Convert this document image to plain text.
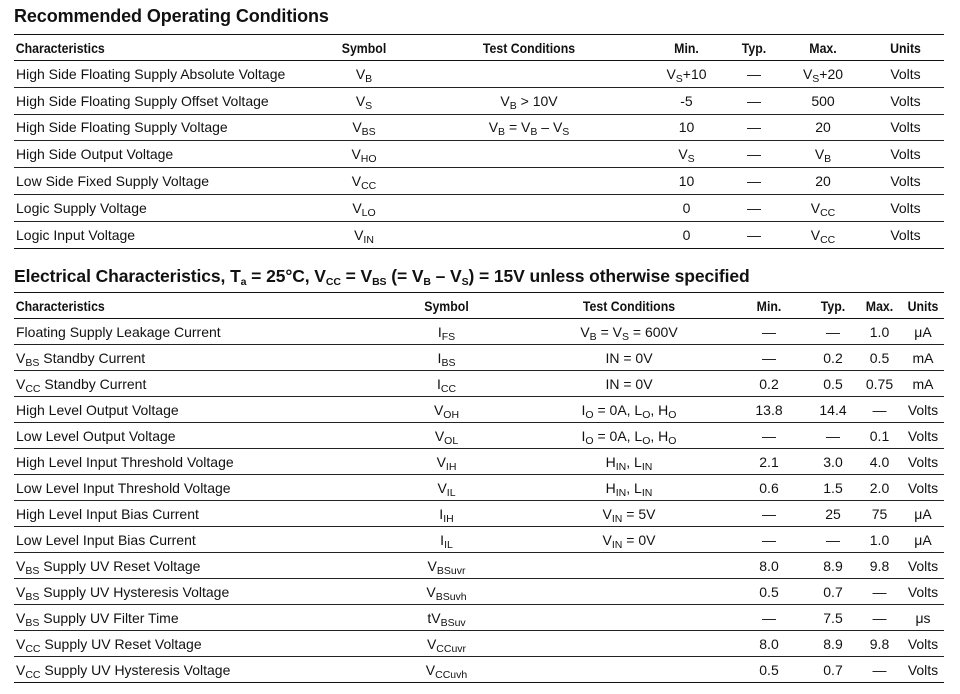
Recommended Operating Conditions
Characteristics	Symbol	Test Conditions	Min.	Typ.	Max.	Units
High Side Floating Supply Absolute Voltage	$V_B$		$V_S+10$	—	$V_S+20$	Volts
High Side Floating Supply Offset Voltage	$V_S$	$V_B > 10V$	-5	—	500	Volts
High Side Floating Supply Voltage	$V_{BS}$	$V_B = V_B - V_S$	10	—	20	Volts
High Side Output Voltage	$V_{HO}$		$V_S$	—	$V_B$	Volts
Low Side Fixed Supply Voltage	$V_{CC}$		10	—	20	Volts
Logic Supply Voltage	$V_{LO}$		0	—	$V_{CC}$	Volts
Logic Input Voltage	$V_{IN}$		0	—	$V_{CC}$	Volts
Electrical Characteristics, $T_a = 25^\circ C$, $V_{CC} = V_{BS}$ (= $V_B - V_S) = 15V$ unless otherwise specified
Characteristics	Symbol	Test Conditions	Min.	Typ.	Max.	Units
Floating Supply Leakage Current	$I_{FS}$	$V_B = V_S = 600V$	—	—	1.0	μA
$V_{BS}$ Standby Current	$I_{BS}$	IN = 0V	—	0.2	0.5	mA
$V_{CC}$ Standby Current	$I_{CC}$	IN = 0V	0.2	0.5	0.75	mA
High Level Output Voltage	$V_{OH}$	$I_O = 0A$, $L_O$, $H_O$	13.8	14.4	—	Volts
Low Level Output Voltage	$V_{OL}$	$I_O = 0A$, $L_O$, $H_O$	—	—	0.1	Volts
High Level Input Threshold Voltage	$V_{IH}$	$H_{IN}$, $L_{IN}$	2.1	3.0	4.0	Volts
Low Level Input Threshold Voltage	$V_{IL}$	$H_{IN}$, $L_{IN}$	0.6	1.5	2.0	Volts
High Level Input Bias Current	$I_{IH}$	$V_{IN} = 5V$	—	25	75	μA
Low Level Input Bias Current	$I_{IL}$	$V_{IN} = 0V$	—	—	1.0	μA
$V_{BS}$ Supply UV Reset Voltage	$V_{BSuvr}$		8.0	8.9	9.8	Volts
$V_{BS}$ Supply UV Hysteresis Voltage	$V_{BSuvh}$		0.5	0.7	—	Volts
$V_{BS}$ Supply UV Filter Time	$tV_{BSuv}$		—	7.5	—	μs
$V_{CC}$ Supply UV Reset Voltage	$V_{CCuvr}$		8.0	8.9	9.8	Volts
$V_{CC}$ Supply UV Hysteresis Voltage	$V_{CCuvh}$		0.5	0.7	—	Volts
